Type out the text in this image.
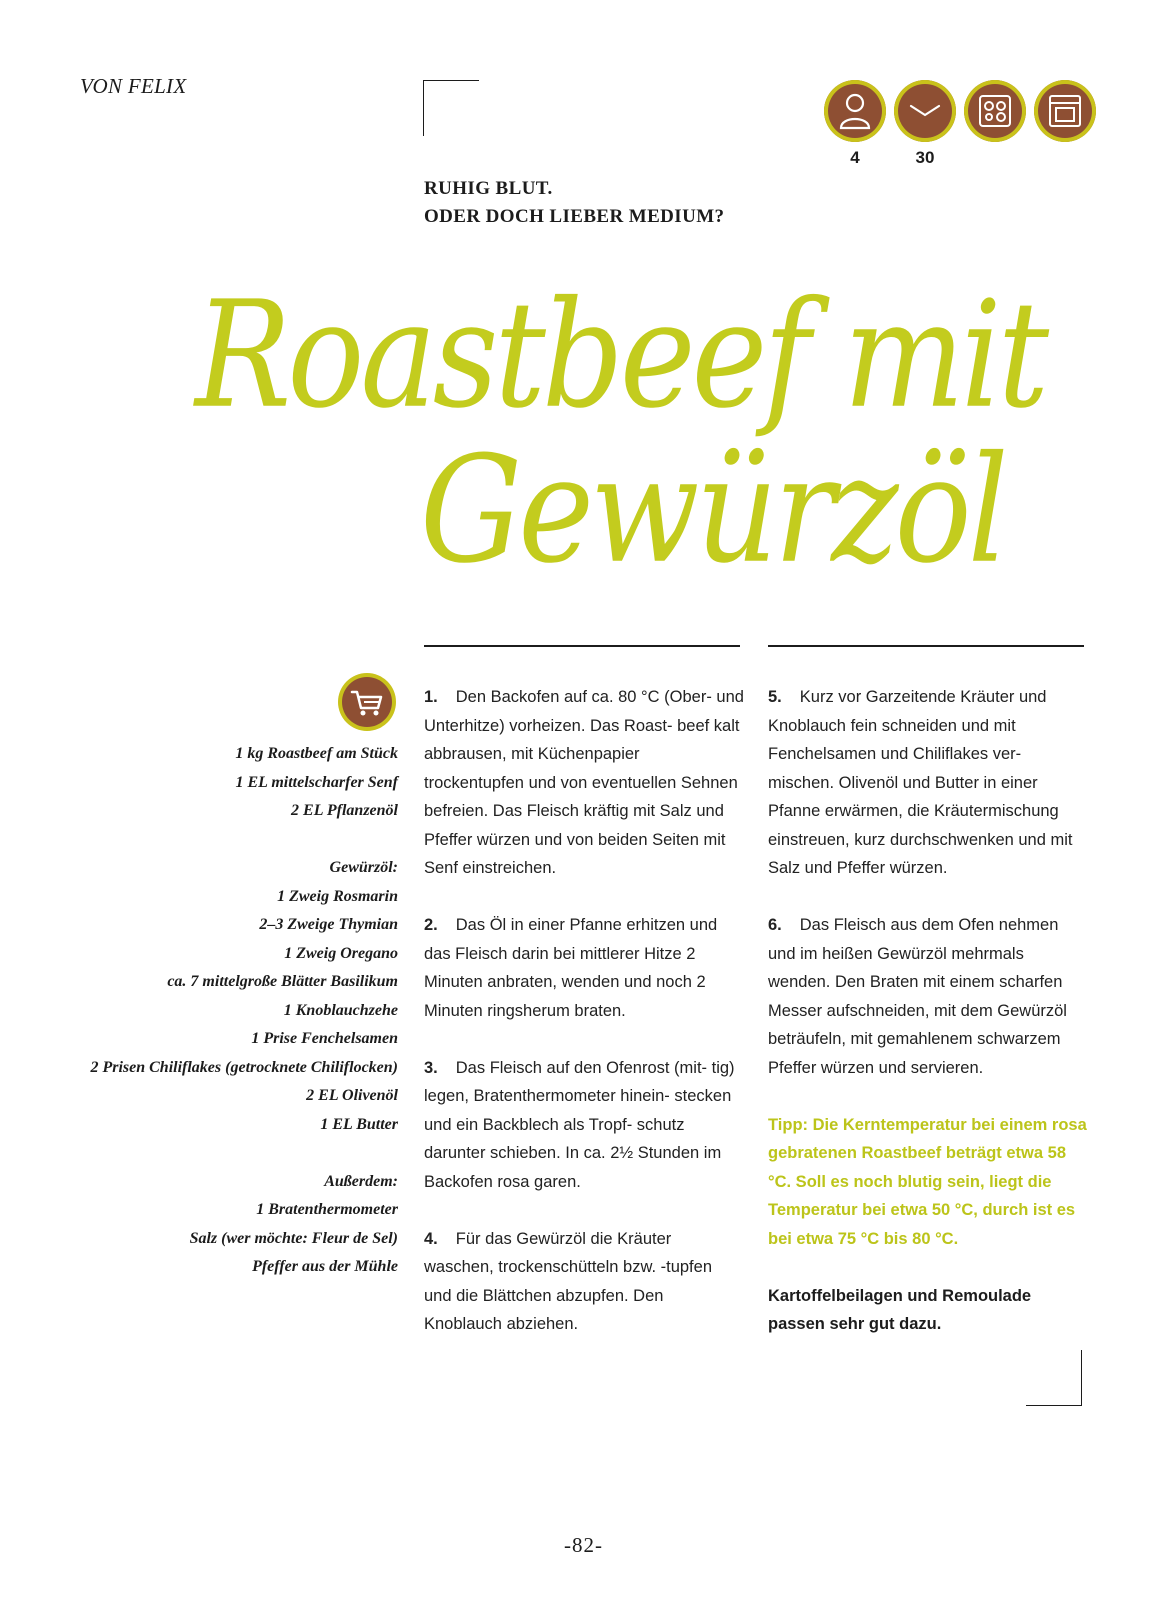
VON FELIX
4	30
RUHIG BLUT.
ODER DOCH LIEBER MEDIUM?
Roastbeef mit
Gewürzöl
1 kg Roastbeef am Stück
1 EL mittelscharfer Senf
2 EL Pflanzenöl
Gewürzöl:
1 Zweig Rosmarin
2–3 Zweige Thymian
1 Zweig Oregano
ca. 7 mittelgroße Blätter Basilikum
1 Knoblauchzehe
1 Prise Fenchelsamen
2 Prisen Chiliflakes (getrocknete Chiliflocken)
2 EL Olivenöl
1 EL Butter
Außerdem:
1 Bratenthermometer
Salz (wer möchte: Fleur de Sel)
Pfeffer aus der Mühle

1. Den Backofen auf ca. 80 °C (Ober- und Unterhitze) vorheizen. Das Roast- beef kalt abbrausen, mit Küchenpapier trockentupfen und von eventuellen Sehnen befreien. Das Fleisch kräftig mit Salz und Pfeffer würzen und von beiden Seiten mit Senf einstreichen.

2. Das Öl in einer Pfanne erhitzen und das Fleisch darin bei mittlerer Hitze 2 Minuten anbraten, wenden und noch 2 Minuten ringsherum braten.

3. Das Fleisch auf den Ofenrost (mit- tig) legen, Bratenthermometer hinein- stecken und ein Backblech als Tropf- schutz darunter schieben. In ca. 2½ Stunden im Backofen rosa garen.

4. Für das Gewürzöl die Kräuter waschen, trockenschütteln bzw. -tupfen und die Blättchen abzupfen. Den Knoblauch abziehen.

5. Kurz vor Garzeitende Kräuter und Knoblauch fein schneiden und mit Fenchelsamen und Chiliflakes ver- mischen. Olivenöl und Butter in einer Pfanne erwärmen, die Kräutermischung einstreuen, kurz durchschwenken und mit Salz und Pfeffer würzen.

6. Das Fleisch aus dem Ofen nehmen und im heißen Gewürzöl mehrmals wenden. Den Braten mit einem scharfen Messer aufschneiden, mit dem Gewürzöl beträufeln, mit gemahlenem schwarzem Pfeffer würzen und servieren.

Tipp: Die Kerntemperatur bei einem rosa gebratenen Roastbeef beträgt etwa 58 °C. Soll es noch blutig sein, liegt die Temperatur bei etwa 50 °C, durch ist es bei etwa 75 °C bis 80 °C.

Kartoffelbeilagen und Remoulade passen sehr gut dazu.

-82-
